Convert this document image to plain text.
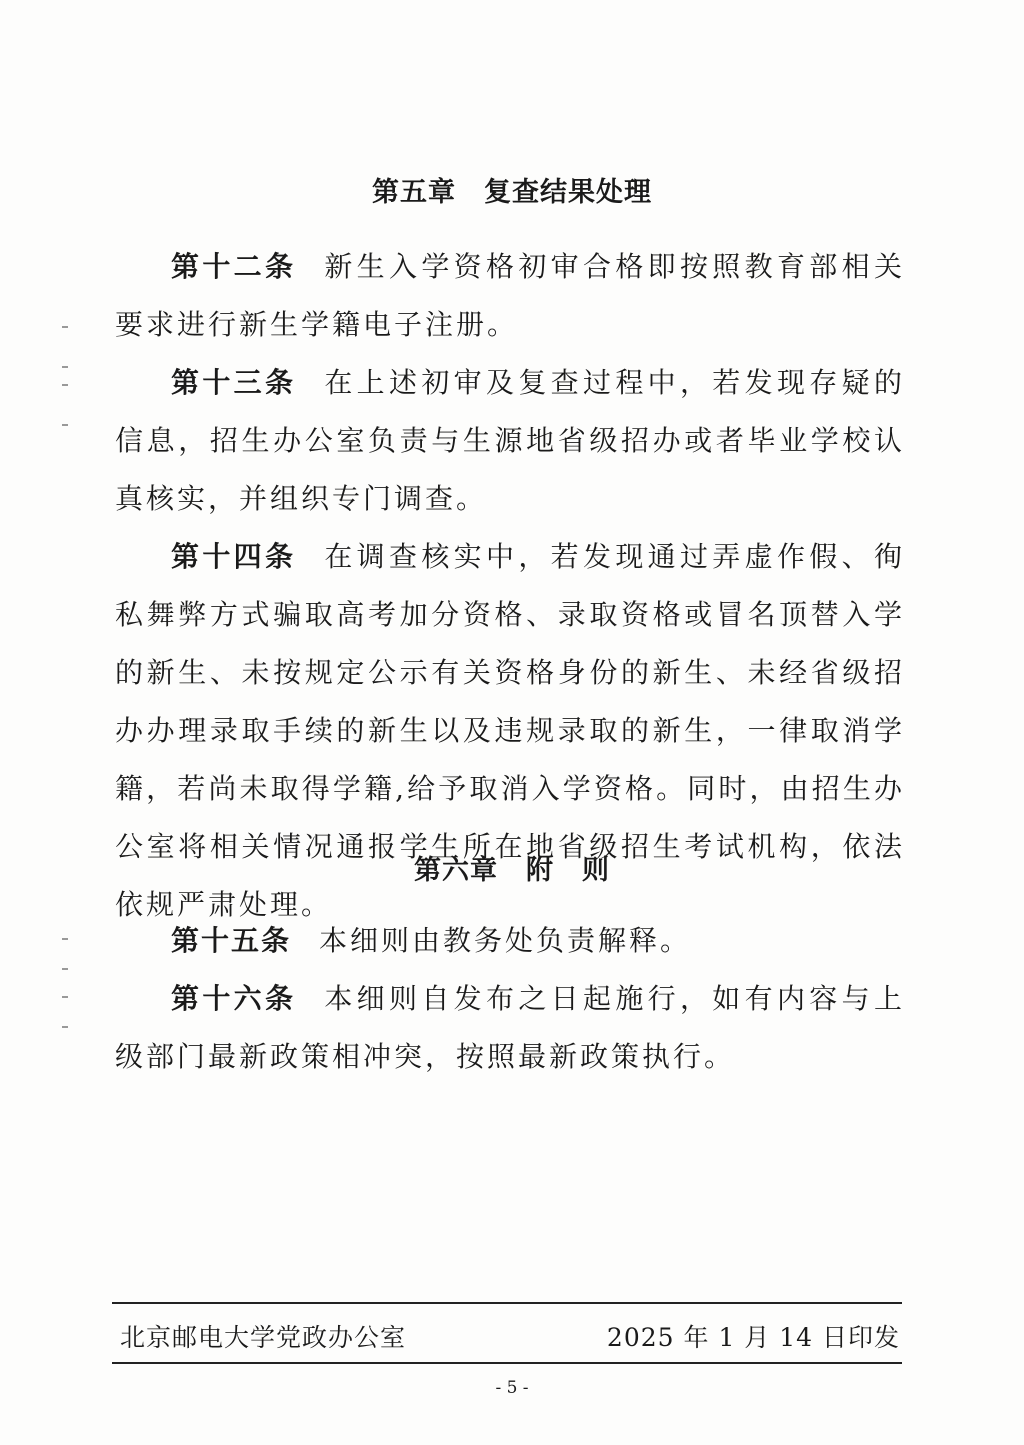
第五章　复查结果处理

第十二条 新生入学资格初审合格即按照教育部相关要求进行新生学籍电子注册。

第十三条 在上述初审及复查过程中，若发现存疑的信息，招生办公室负责与生源地省级招办或者毕业学校认真核实，并组织专门调查。

第十四条 在调查核实中，若发现通过弄虚作假、徇私舞弊方式骗取高考加分资格、录取资格或冒名顶替入学的新生、未按规定公示有关资格身份的新生、未经省级招办办理录取手续的新生以及违规录取的新生，一律取消学籍，若尚未取得学籍,给予取消入学资格。同时，由招生办公室将相关情况通报学生所在地省级招生考试机构，依法依规严肃处理。

第六章　附　则

第十五条 本细则由教务处负责解释。

第十六条 本细则自发布之日起施行，如有内容与上级部门最新政策相冲突，按照最新政策执行。

北京邮电大学党政办公室	2025 年 1 月 14 日印发
- 5 -
